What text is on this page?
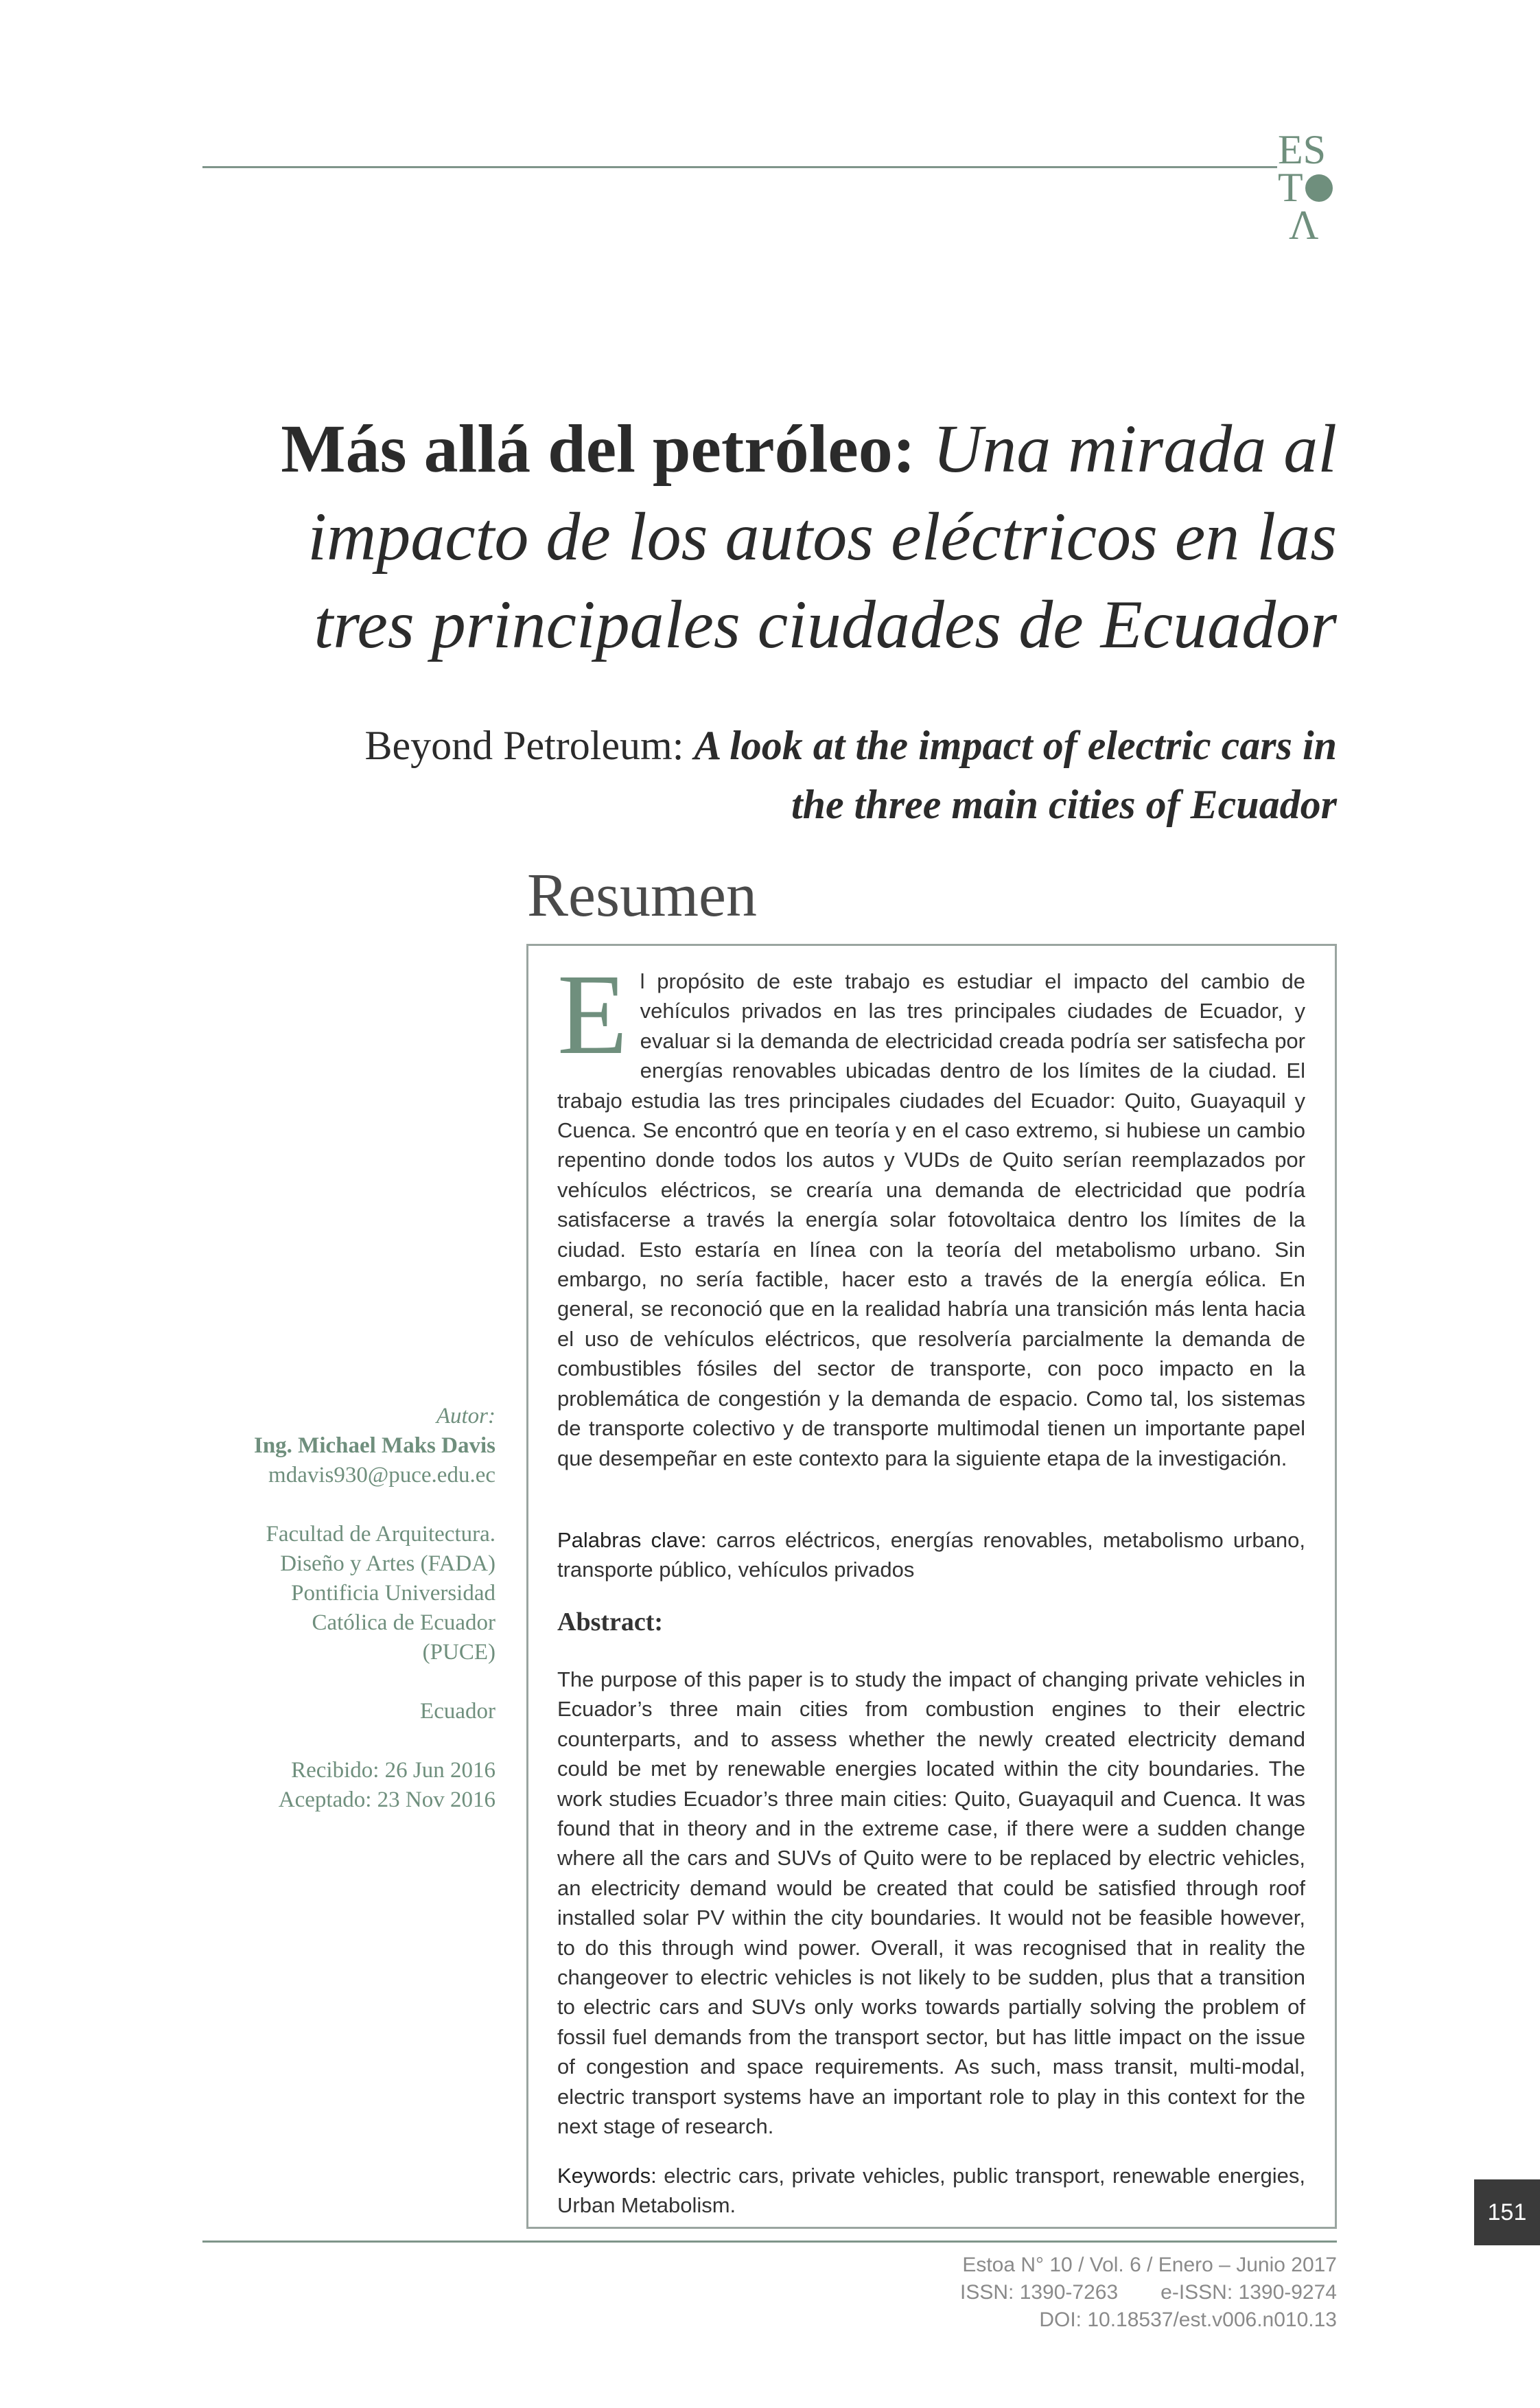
ES
T
Λ
Más allá del petróleo: Una mirada al
impacto de los autos eléctricos en las
tres principales ciudades de Ecuador
Beyond Petroleum: A look at the impact of electric cars in
the three main cities of Ecuador
Resumen
El propósito de este trabajo es estudiar el impacto del cambio de vehículos privados en las tres principales ciudades de Ecuador, y evaluar si la demanda de electricidad creada podría ser satisfecha por energías renovables ubicadas dentro de los límites de la ciudad. El trabajo estudia las tres principales ciudades del Ecuador: Quito, Guayaquil y Cuenca. Se encontró que en teoría y en el caso extremo, si hubiese un cambio repentino donde todos los autos y VUDs de Quito serían reemplazados por vehículos eléctricos, se crearía una demanda de electricidad que podría satisfacerse a través la energía solar fotovoltaica dentro los límites de la ciudad. Esto estaría en línea con la teoría del metabolismo urbano. Sin embargo, no sería factible, hacer esto a través de la energía eólica. En general, se reconoció que en la realidad habría una transición más lenta hacia el uso de vehículos eléctricos, que resolvería parcialmente la demanda de combustibles fósiles del sector de transporte, con poco impacto en la problemática de congestión y la demanda de espacio. Como tal, los sistemas de transporte colectivo y de transporte multimodal tienen un importante papel que desempeñar en este contexto para la siguiente etapa de la investigación.
Palabras clave: carros eléctricos, energías renovables, metabolismo urbano, transporte público, vehículos privados
Abstract:
The purpose of this paper is to study the impact of changing private vehicles in Ecuador’s three main cities from combustion engines to their electric counterparts, and to assess whether the newly created electricity demand could be met by renewable energies located within the city boundaries. The work studies Ecuador’s three main cities: Quito, Guayaquil and Cuenca. It was found that in theory and in the extreme case, if there were a sudden change where all the cars and SUVs of Quito were to be replaced by electric vehicles, an electricity demand would be created that could be satisfied through roof installed solar PV within the city boundaries. It would not be feasible however, to do this through wind power. Overall, it was recognised that in reality the changeover to electric vehicles is not likely to be sudden, plus that a transition to electric cars and SUVs only works towards partially solving the problem of fossil fuel demands from the transport sector, but has little impact on the issue of congestion and space requirements. As such, mass transit, multi-modal, electric transport systems have an important role to play in this context for the next stage of research.
Keywords: electric cars, private vehicles, public transport, renewable energies, Urban Metabolism.
Autor:
Ing. Michael Maks Davis
mdavis930@puce.edu.ec
Facultad de Arquitectura.
Diseño y Artes (FADA)
Pontificia Universidad
Católica de Ecuador
(PUCE)
Ecuador
Recibido: 26 Jun 2016
Aceptado: 23 Nov 2016
151
Estoa N° 10 / Vol. 6 / Enero – Junio 2017
ISSN: 1390-7263 e-ISSN: 1390-9274
DOI: 10.18537/est.v006.n010.13
